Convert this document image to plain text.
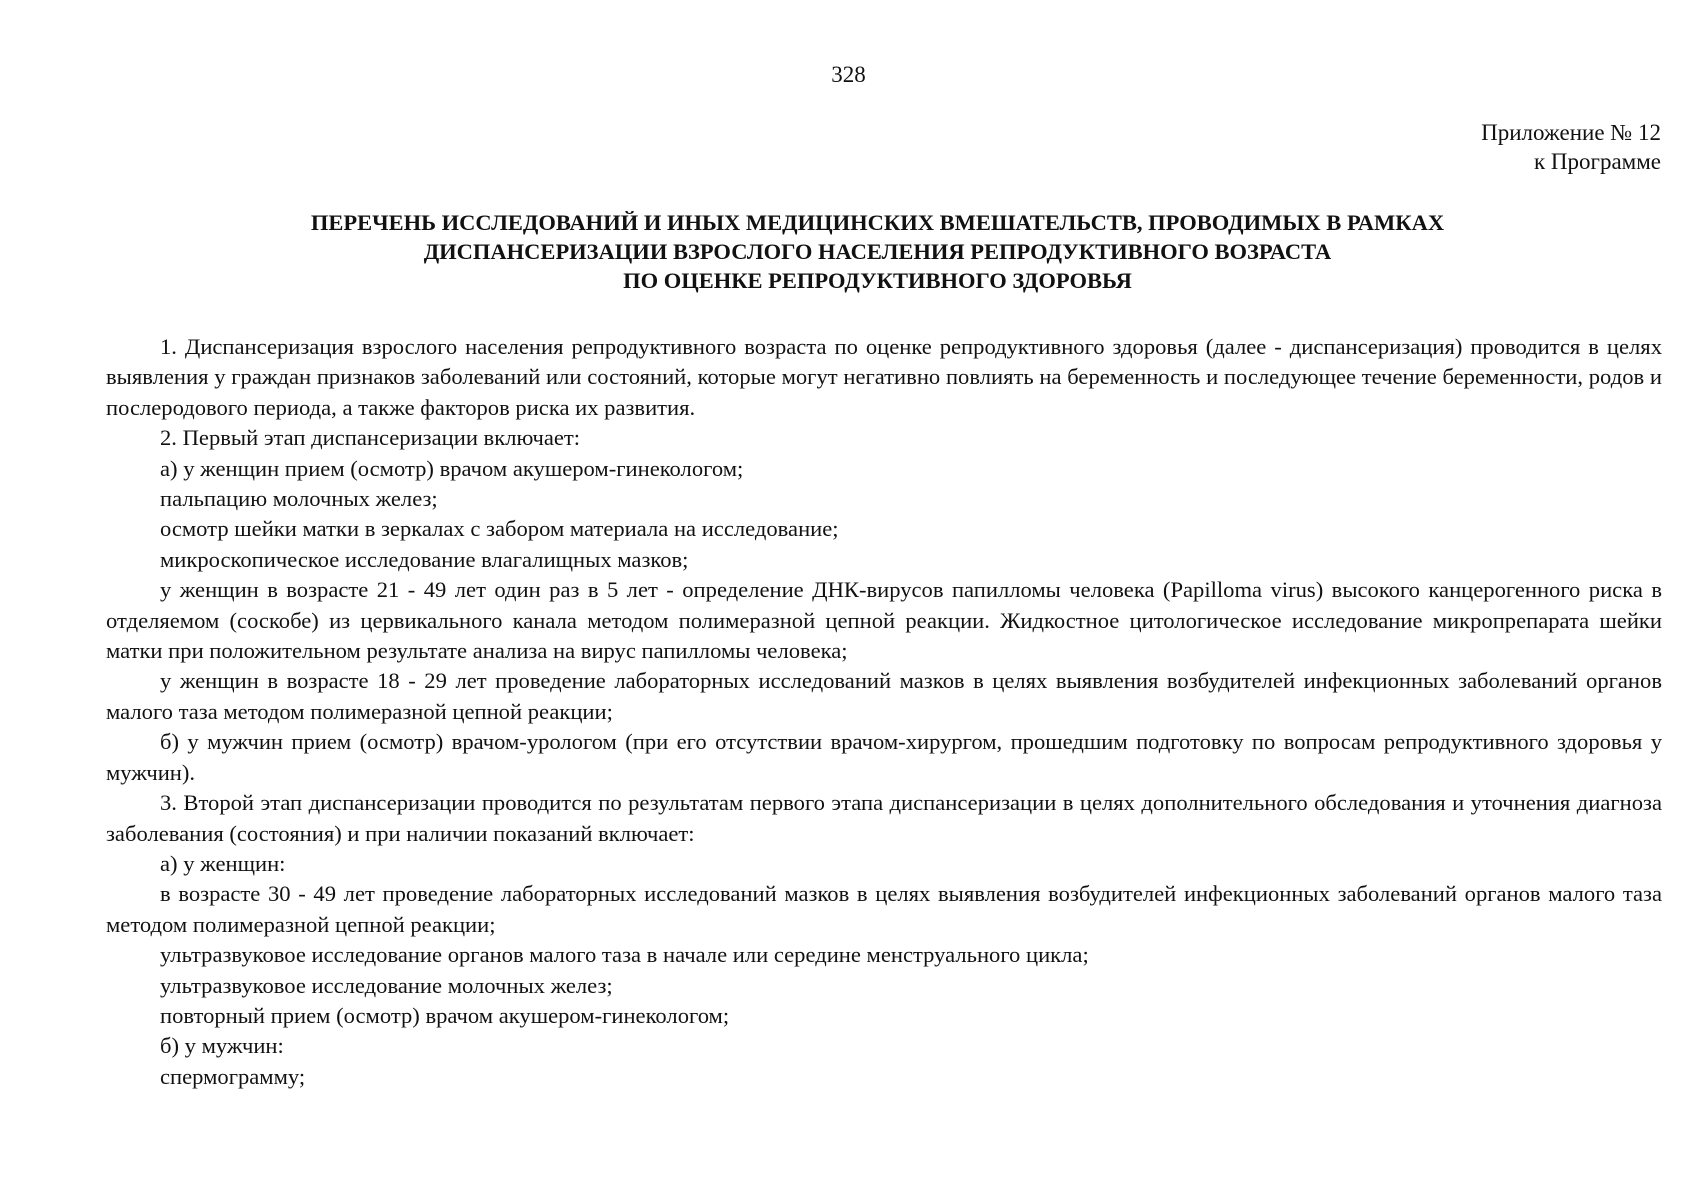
328
Приложение № 12
к Программе
ПЕРЕЧЕНЬ ИССЛЕДОВАНИЙ И ИНЫХ МЕДИЦИНСКИХ ВМЕШАТЕЛЬСТВ, ПРОВОДИМЫХ В РАМКАХ
ДИСПАНСЕРИЗАЦИИ ВЗРОСЛОГО НАСЕЛЕНИЯ РЕПРОДУКТИВНОГО ВОЗРАСТА
ПО ОЦЕНКЕ РЕПРОДУКТИВНОГО ЗДОРОВЬЯ

1. Диспансеризация взрослого населения репродуктивного возраста по оценке репродуктивного здоровья (далее - диспансеризация) проводится в целях выявления у граждан признаков заболеваний или состояний, которые могут негативно повлиять на беременность и последующее течение беременности, родов и послеродового периода, а также факторов риска их развития.

2. Первый этап диспансеризации включает:

а) у женщин прием (осмотр) врачом акушером-гинекологом;

пальпацию молочных желез;

осмотр шейки матки в зеркалах с забором материала на исследование;

микроскопическое исследование влагалищных мазков;

у женщин в возрасте 21 - 49 лет один раз в 5 лет - определение ДНК-вирусов папилломы человека (Papilloma virus) высокого канцерогенного риска в отделяемом (соскобе) из цервикального канала методом полимеразной цепной реакции. Жидкостное цитологическое исследование микропрепарата шейки матки при положительном результате анализа на вирус папилломы человека;

у женщин в возрасте 18 - 29 лет проведение лабораторных исследований мазков в целях выявления возбудителей инфекционных заболеваний органов малого таза методом полимеразной цепной реакции;

б) у мужчин прием (осмотр) врачом-урологом (при его отсутствии врачом-хирургом, прошедшим подготовку по вопросам репродуктивного здоровья у мужчин).

3. Второй этап диспансеризации проводится по результатам первого этапа диспансеризации в целях дополнительного обследования и уточнения диагноза заболевания (состояния) и при наличии показаний включает:

а) у женщин:

в возрасте 30 - 49 лет проведение лабораторных исследований мазков в целях выявления возбудителей инфекционных заболеваний органов малого таза методом полимеразной цепной реакции;

ультразвуковое исследование органов малого таза в начале или середине менструального цикла;

ультразвуковое исследование молочных желез;

повторный прием (осмотр) врачом акушером-гинекологом;

б) у мужчин:

спермограмму;
